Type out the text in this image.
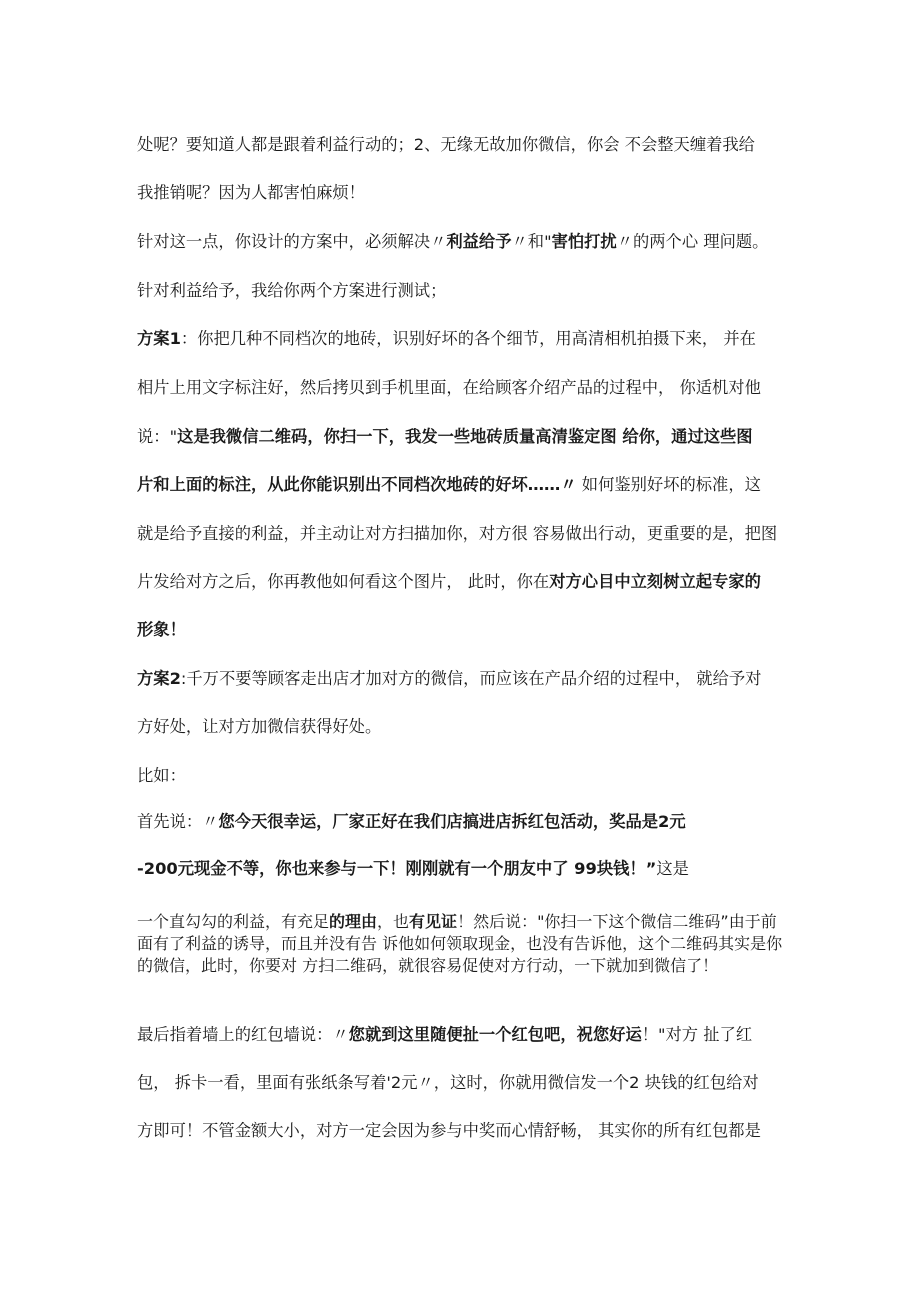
处呢？要知道人都是跟着利益行动的；2、无缘无故加你微信，你会 不会整天缠着我给
我推销呢？因为人都害怕麻烦！
针对这一点，你设计的方案中，必须解决〃利益给予〃和"害怕打扰〃的两个心 理问题。
针对利益给予，我给你两个方案进行测试；
方案1：你把几种不同档次的地砖，识别好坏的各个细节，用高清相机拍摄下来， 并在
相片上用文字标注好，然后拷贝到手机里面，在给顾客介绍产品的过程中， 你适机对他
说："这是我微信二维码，你扫一下，我发一些地砖质量高清鉴定图 给你，通过这些图
片和上面的标注，从此你能识别出不同档次地砖的好坏……〃 如何鉴别好坏的标准，这
就是给予直接的利益，并主动让对方扫描加你，对方很 容易做出行动，更重要的是，把图
片发给对方之后，你再教他如何看这个图片， 此时，你在对方心目中立刻树立起专家的
形象！
方案2:千万不要等顾客走出店才加对方的微信，而应该在产品介绍的过程中， 就给予对
方好处，让对方加微信获得好处。
比如：
首先说：〃您今天很幸运，厂家正好在我们店搞进店拆红包活动，奖品是2元
-200元现金不等，你也来参与一下！刚刚就有一个朋友中了 99块钱！”这是
一个直勾勾的利益，有充足的理由，也有见证！然后说："你扫一下这个微信二维码”由于前面有了利益的诱导，而且并没有告 诉他如何领取现金，也没有告诉他，这个二维码其实是你的微信，此时，你要对 方扫二维码，就很容易促使对方行动，一下就加到微信了！
最后指着墙上的红包墙说：〃您就到这里随便扯一个红包吧，祝您好运！"对方 扯了红
包， 拆卡一看，里面有张纸条写着'2元〃，这时，你就用微信发一个2 块钱的红包给对
方即可！不管金额大小，对方一定会因为参与中奖而心情舒畅， 其实你的所有红包都是
